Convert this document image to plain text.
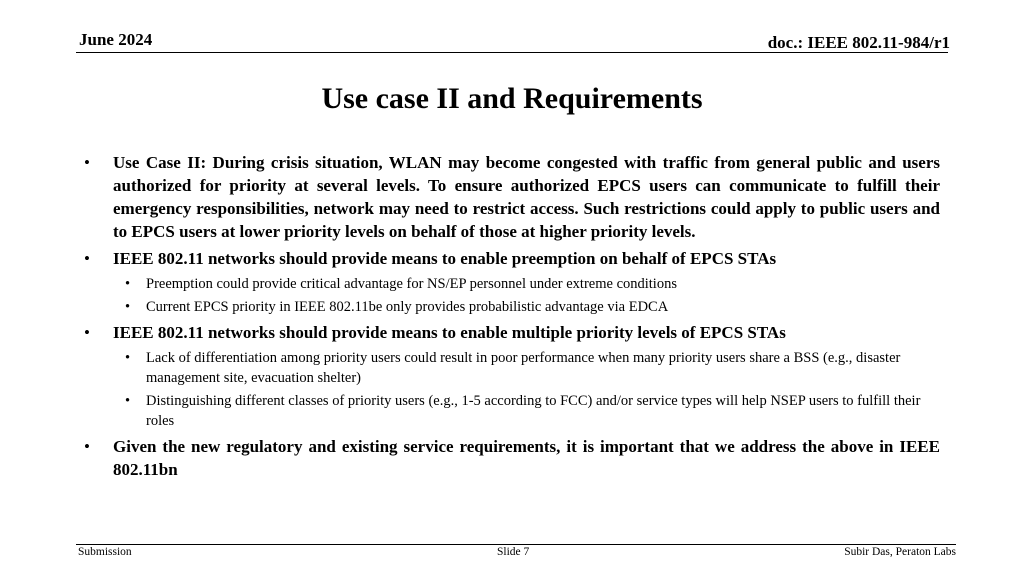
June 2024	doc.: IEEE 802.11-984/r1
Use case II and Requirements
• Use Case II: During crisis situation, WLAN may become congested with traffic from general public and users authorized for priority at several levels. To ensure authorized EPCS users can communicate to fulfill their emergency responsibilities, network may need to restrict access. Such restrictions could apply to public users and to EPCS users at lower priority levels on behalf of those at higher priority levels.
• IEEE 802.11 networks should provide means to enable preemption on behalf of EPCS STAs
• Preemption could provide critical advantage for NS/EP personnel under extreme conditions
• Current EPCS priority in IEEE 802.11be only provides probabilistic advantage via EDCA
• IEEE 802.11 networks should provide means to enable multiple priority levels of EPCS STAs
• Lack of differentiation among priority users could result in poor performance when many priority users share a BSS (e.g., disaster management site, evacuation shelter)
• Distinguishing different classes of priority users (e.g., 1-5 according to FCC) and/or service types will help NSEP users to fulfill their roles
• Given the new regulatory and existing service requirements, it is important that we address the above in IEEE 802.11bn
Submission	Slide 7	Subir Das, Peraton Labs
